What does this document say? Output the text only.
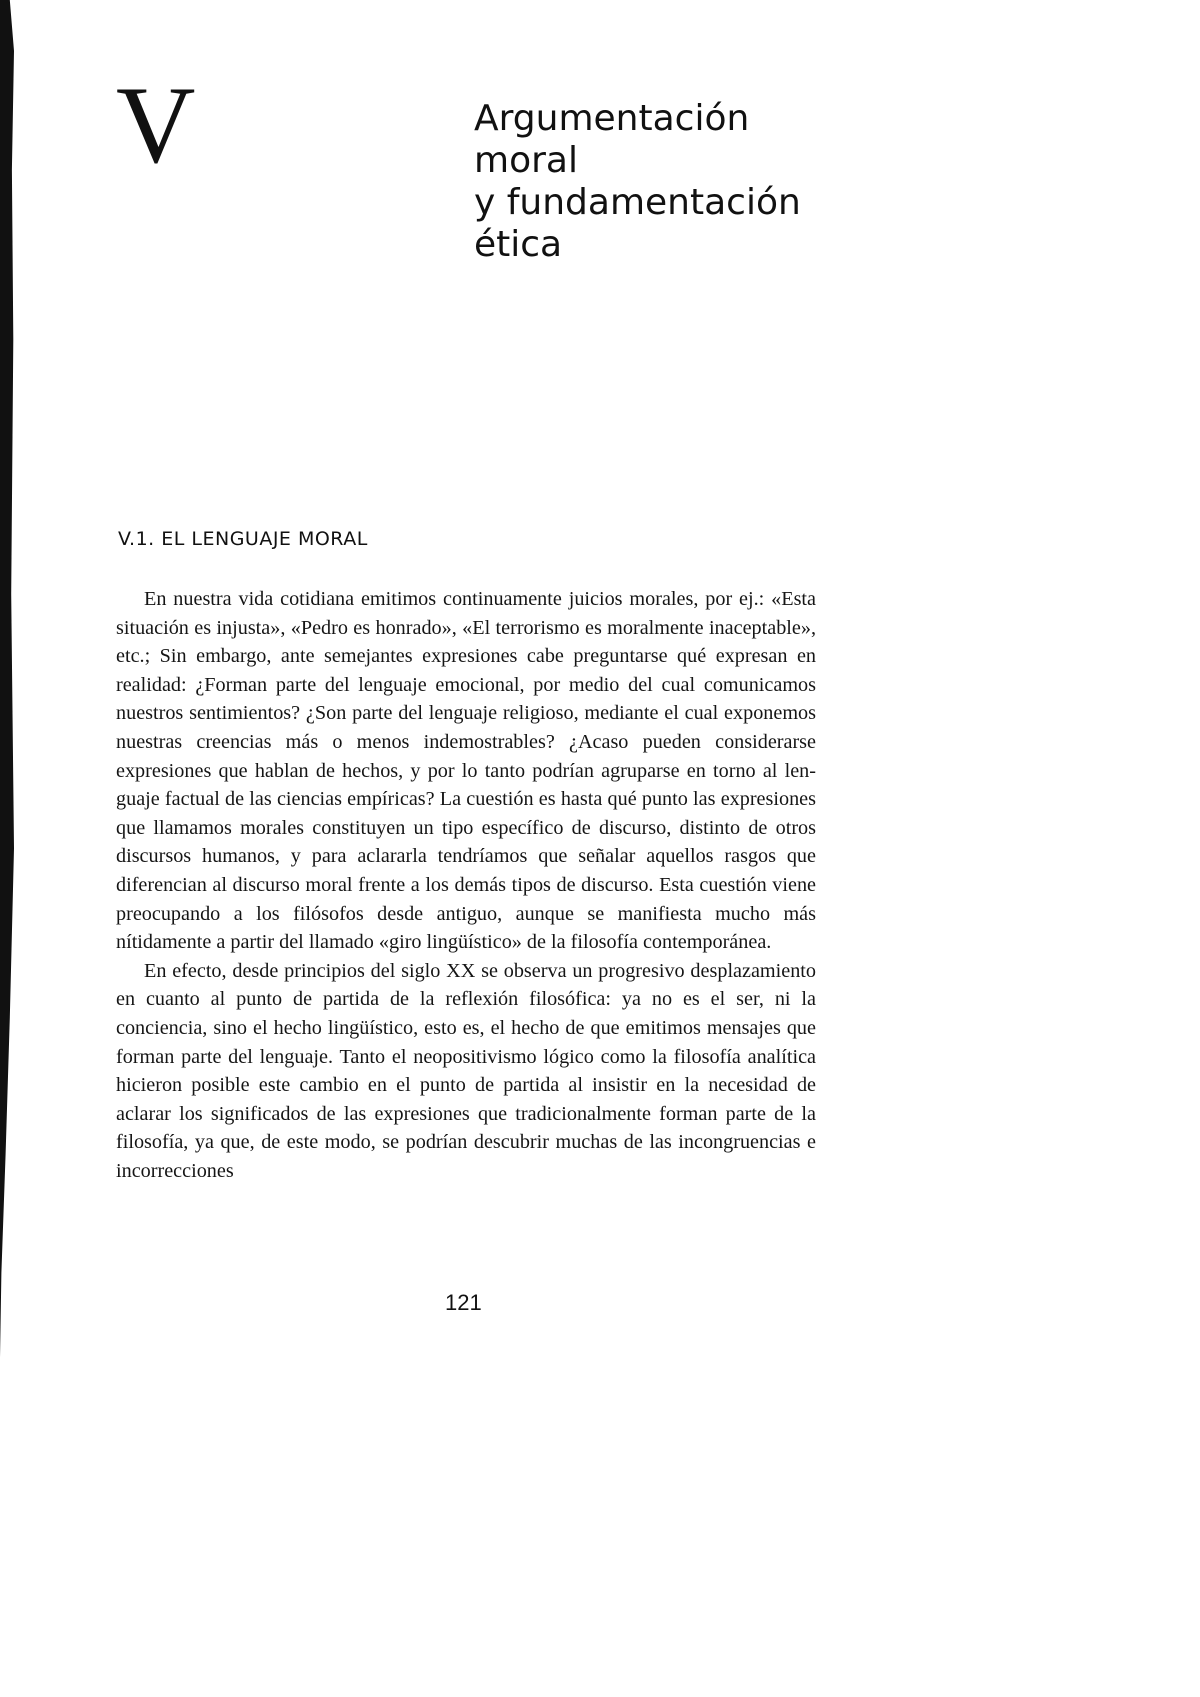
V	Argumentación
moral
y fundamentación
ética
V.1. EL LENGUAJE MORAL

En nuestra vida cotidiana emitimos continuamente juicios morales, por ej.: «Esta situación es injusta», «Pedro es honrado», «El terrorismo es moralmente inaceptable», etc.; Sin embargo, ante semejantes expresiones cabe preguntarse qué expresan en realidad: ¿Forman parte del lenguaje emocional, por medio del cual comunicamos nuestros sentimientos? ¿Son parte del lenguaje religioso, mediante el cual exponemos nuestras creencias más o menos indemostrables? ¿Acaso pueden considerarse expresiones que hablan de hechos, y por lo tanto podrían agruparse en torno al lenguaje factual de las ciencias empíricas? La cuestión es hasta qué punto las expresiones que llamamos morales constituyen un tipo específico de discurso, distinto de otros discursos humanos, y para aclararla tendríamos que señalar aquellos rasgos que diferencian al discurso moral frente a los demás tipos de discurso. Esta cuestión viene preocupando a los filósofos desde antiguo, aunque se manifiesta mucho más nítidamente a partir del llamado «giro lingüístico» de la filosofía contemporánea.

En efecto, desde principios del siglo XX se observa un progresivo desplazamiento en cuanto al punto de partida de la reflexión filosófica: ya no es el ser, ni la conciencia, sino el hecho lingüístico, esto es, el hecho de que emitimos mensajes que forman parte del lenguaje. Tanto el neopositivismo lógico como la filosofía analítica hicieron posible este cambio en el punto de partida al insistir en la necesidad de aclarar los significados de las expresiones que tradicionalmente forman parte de la filosofía, ya que, de este modo, se podrían descubrir muchas de las incongruencias e incorrecciones

121
